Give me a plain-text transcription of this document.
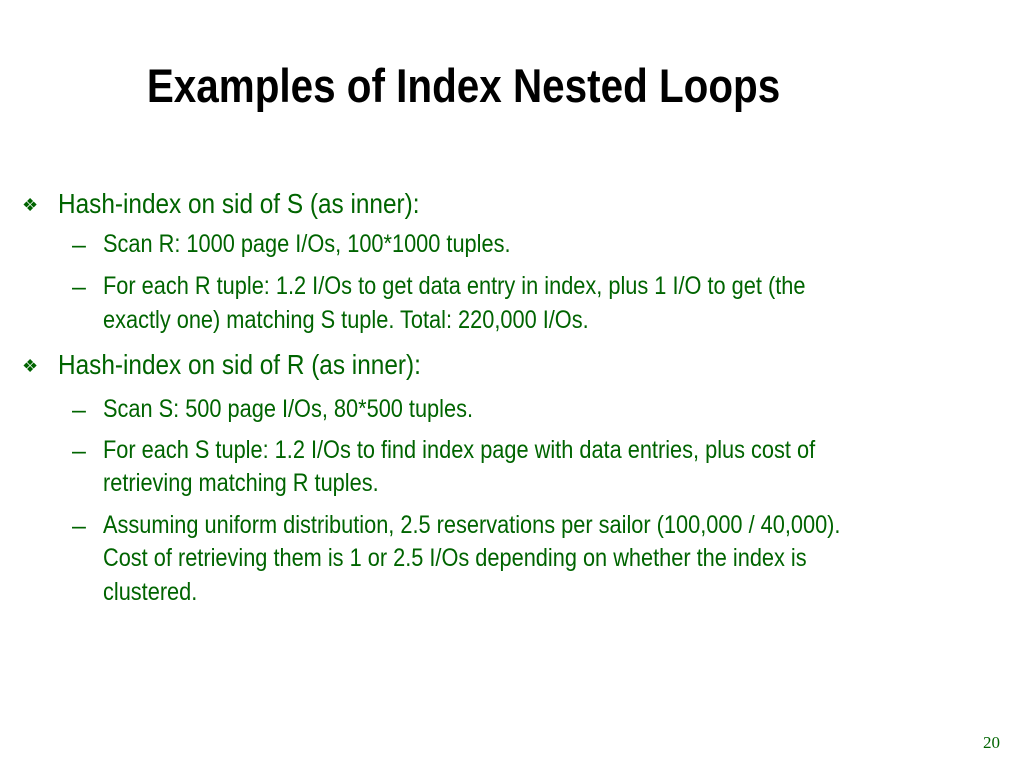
Examples of Index Nested Loops
❖ Hash-index on sid of S (as inner):
– Scan R: 1000 page I/Os, 100*1000 tuples.
– For each R tuple: 1.2 I/Os to get data entry in index, plus 1 I/O to get (the
exactly one) matching S tuple. Total: 220,000 I/Os.
❖ Hash-index on sid of R (as inner):
– Scan S: 500 page I/Os, 80*500 tuples.
– For each S tuple: 1.2 I/Os to find index page with data entries, plus cost of
retrieving matching R tuples.
– Assuming uniform distribution, 2.5 reservations per sailor (100,000 / 40,000).
Cost of retrieving them is 1 or 2.5 I/Os depending on whether the index is
clustered.
20
